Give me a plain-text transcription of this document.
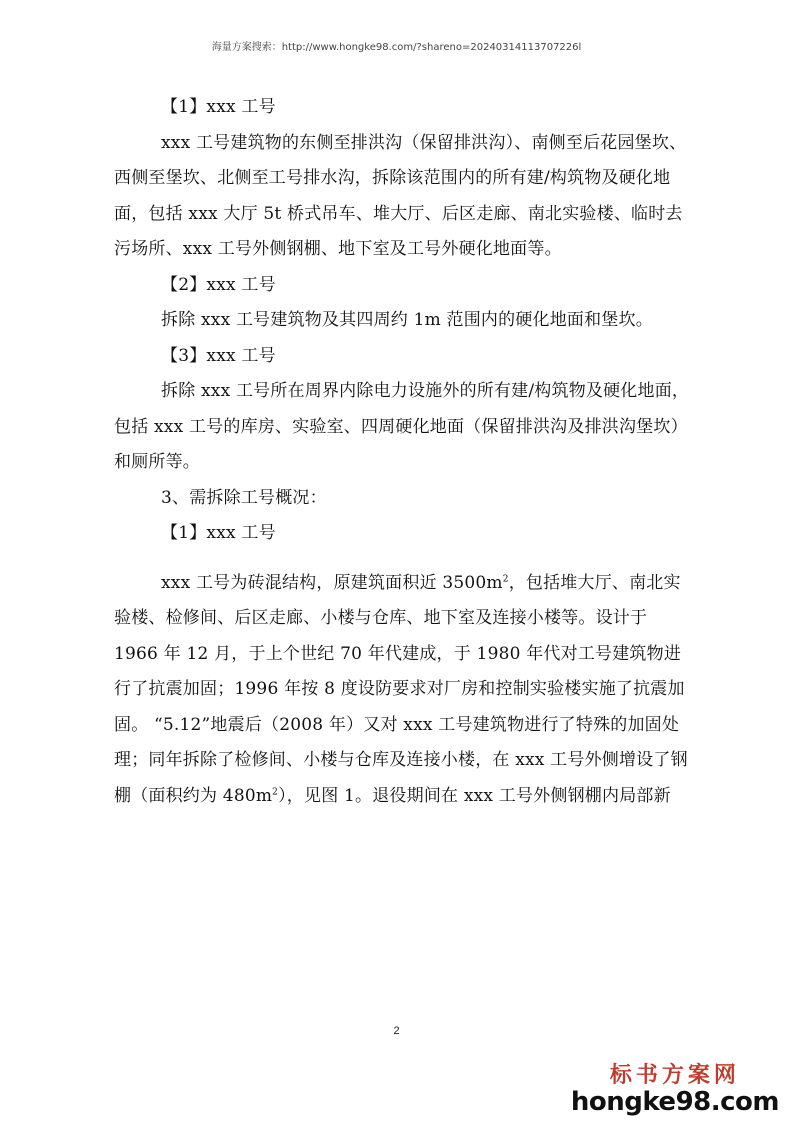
海量方案搜索：http://www.hongke98.com/?shareno=20240314113707226l

【1】xxx 工号

xxx 工号建筑物的东侧至排洪沟（保留排洪沟）、南侧至后花园堡坎、西侧至堡坎、北侧至工号排水沟，拆除该范围内的所有建/构筑物及硬化地面，包括 xxx 大厅 5t 桥式吊车、堆大厅、后区走廊、南北实验楼、临时去污场所、xxx 工号外侧钢棚、地下室及工号外硬化地面等。

【2】xxx 工号

拆除 xxx 工号建筑物及其四周约 1m 范围内的硬化地面和堡坎。

【3】xxx 工号

拆除 xxx 工号所在周界内除电力设施外的所有建/构筑物及硬化地面，包括 xxx 工号的库房、实验室、四周硬化地面（保留排洪沟及排洪沟堡坎）和厕所等。

3、需拆除工号概况：

【1】xxx 工号

xxx 工号为砖混结构，原建筑面积近 $3500m^2$，包括堆大厅、南北实验楼、检修间、后区走廊、小楼与仓库、地下室及连接小楼等。设计于 1966 年 12 月，于上个世纪 70 年代建成，于 1980 年代对工号建筑物进行了抗震加固；1996 年按 8 度设防要求对厂房和控制实验楼实施了抗震加固。 “5.12”地震后（2008 年）又对 xxx 工号建筑物进行了特殊的加固处理；同年拆除了检修间、小楼与仓库及连接小楼，在 xxx 工号外侧增设了钢棚（面积约为 $480m^2$），见图 1。退役期间在 xxx 工号外侧钢棚内局部新

2
标书方案网
hongke98.com
